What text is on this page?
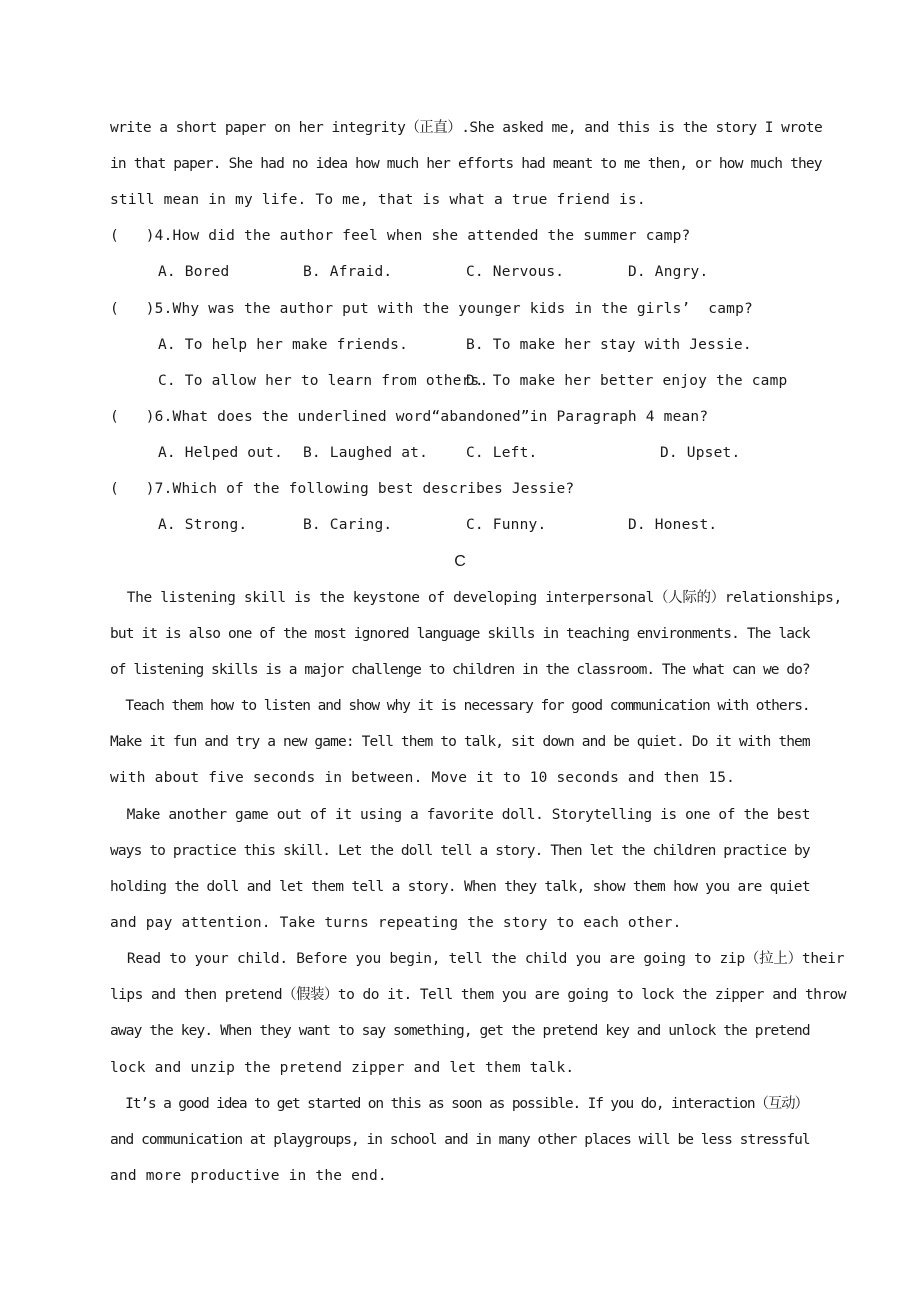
write a short paper on her integrity（正直）.She asked me, and this is the story I wrote
in that paper. She had no idea how much her efforts had meant to me then, or how much they
still mean in my life. To me, that is what a true friend is.
(   )4.How did the author feel when she attended the summer camp?
A. Bored	B. Afraid.	C. Nervous.	D. Angry.
(   )5.Why was the author put with the younger kids in the girls’  camp?
A. To help her make friends.	B. To make her stay with Jessie.
C. To allow her to learn from others.
D. To make her better enjoy the camp
(   )6.What does the underlined word“abandoned”in Paragraph 4 mean?
A. Helped out. B. Laughed at.	C. Left.	D. Upset.
(   )7.Which of the following best describes Jessie?
A. Strong.	B. Caring.	C. Funny.	D. Honest.
C
The listening skill is the keystone of developing interpersonal（人际的）relationships,
but it is also one of the most ignored language skills in teaching environments. The lack
of listening skills is a major challenge to children in the classroom. The what can we do?
Teach them how to listen and show why it is necessary for good communication with others.
Make it fun and try a new game: Tell them to talk, sit down and be quiet. Do it with them
with about five seconds in between. Move it to 10 seconds and then 15.
Make another game out of it using a favorite doll. Storytelling is one of the best
ways to practice this skill. Let the doll tell a story. Then let the children practice by
holding the doll and let them tell a story. When they talk, show them how you are quiet
and pay attention. Take turns repeating the story to each other.
Read to your child. Before you begin, tell the child you are going to zip（拉上）their
lips and then pretend（假装）to do it. Tell them you are going to lock the zipper and throw
away the key. When they want to say something, get the pretend key and unlock the pretend
lock and unzip the pretend zipper and let them talk.
It’s a good idea to get started on this as soon as possible. If you do, interaction（互动）
and communication at playgroups, in school and in many other places will be less stressful
and more productive in the end.
